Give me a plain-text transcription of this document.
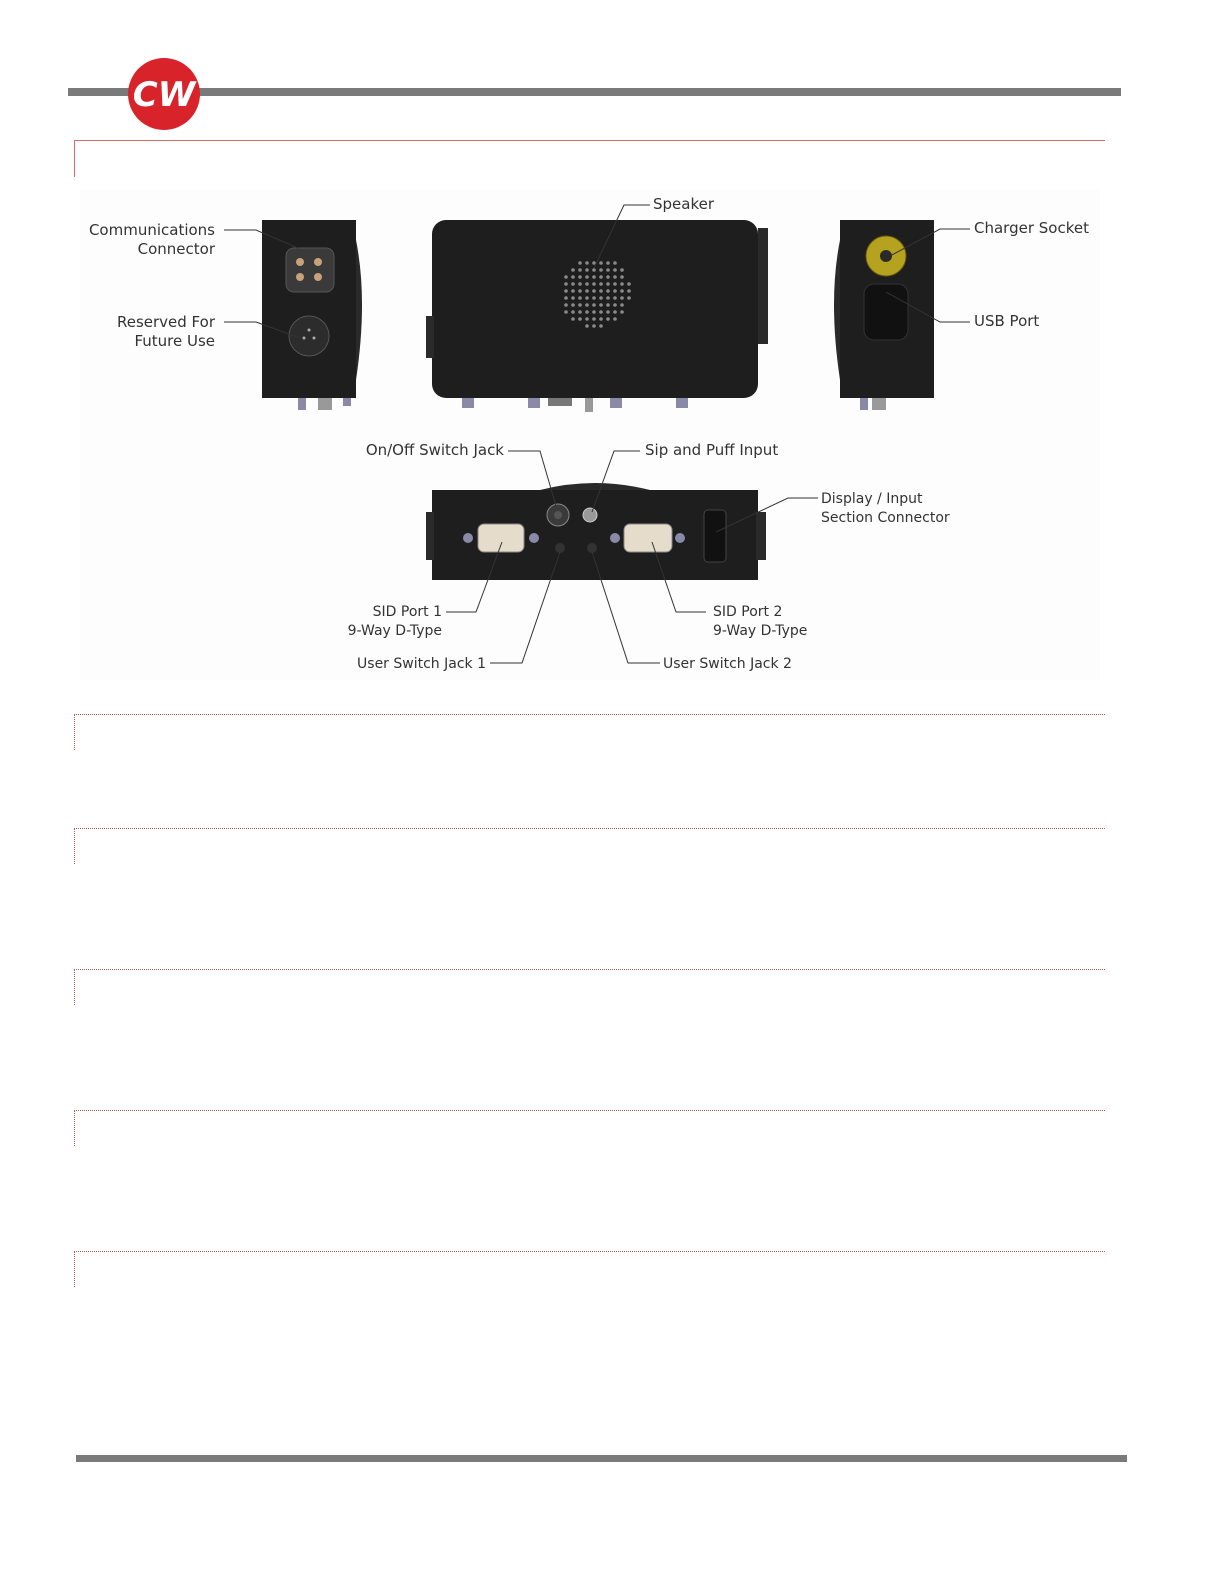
CW
Communications
Connector
Reserved For
Future Use
Speaker
Charger Socket
USB Port
On/Off Switch Jack	Sip and Puff Input
Display / Input
Section Connector
SID Port 1
9-Way D-Type
SID Port 2
9-Way D-Type
User Switch Jack 1	User Switch Jack 2
